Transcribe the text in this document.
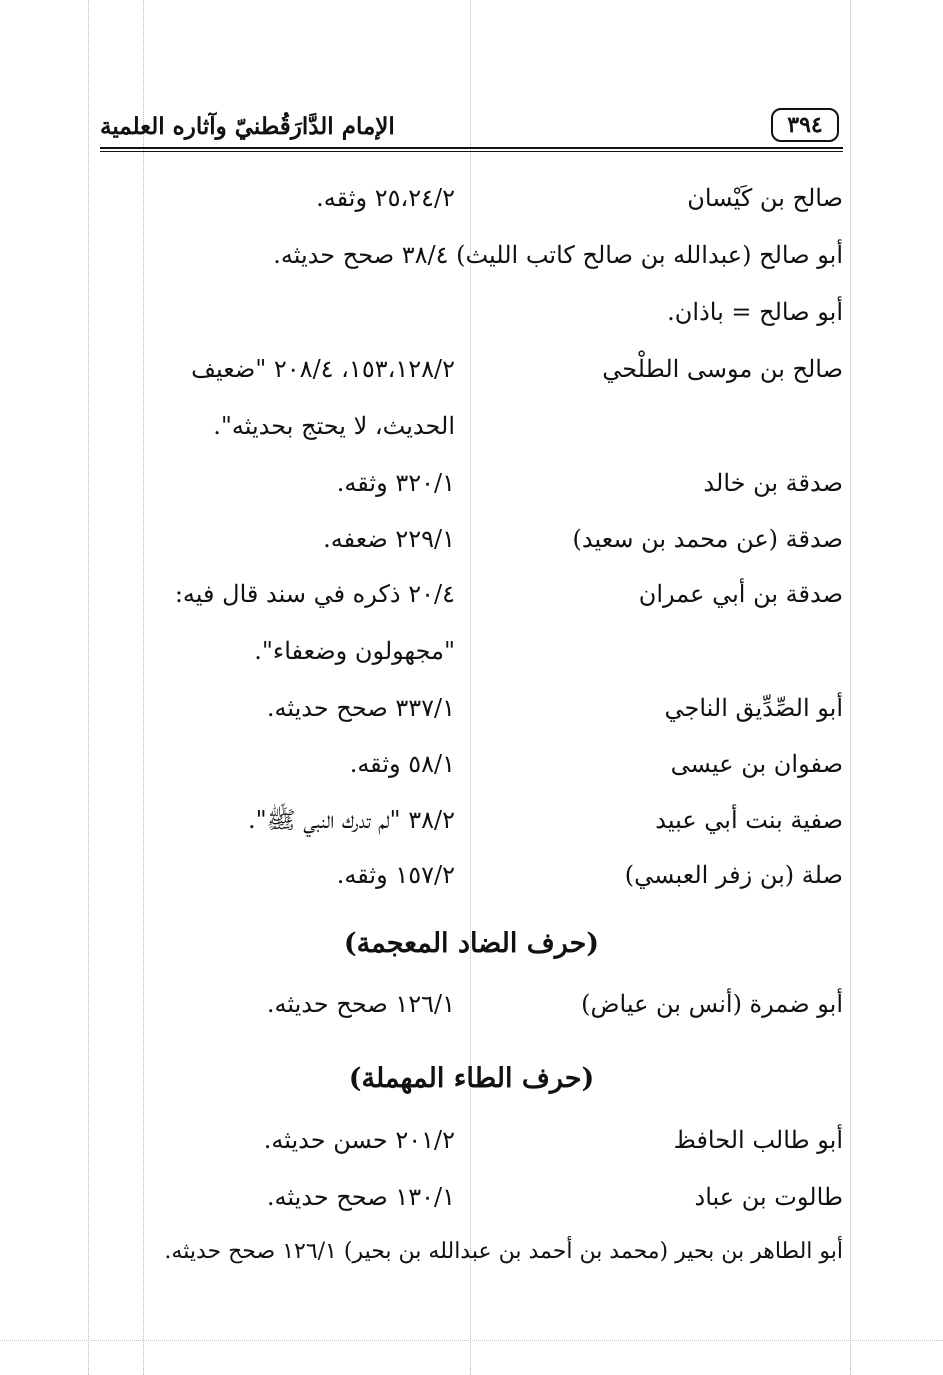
٣٩٤
الإمام الدَّارَقُطنيّ وآثاره العلمية
صالح بن كَيْسان
٢٥،٢٤/٢ وثقه.
أبو صالح (عبدالله بن صالح كاتب الليث) ٣٨/٤ صحح حديثه.
أبو صالح = باذان.
صالح بن موسى الطلْحي
١٥٣،١٢٨/٢، ٢٠٨/٤ "ضعيف
الحديث، لا يحتج بحديثه".
صدقة بن خالد
٣٢٠/١ وثقه.
صدقة (عن محمد بن سعيد)
٢٢٩/١ ضعفه.
صدقة بن أبي عمران
٢٠/٤ ذكره في سند قال فيه:
"مجهولون وضعفاء".
أبو الصِّدِّيق الناجي
٣٣٧/١ صحح حديثه.
صفوان بن عيسى
٥٨/١ وثقه.
صفية بنت أبي عبيد
٣٨/٢ "لم تدرك النبي ﷺ".
صلة (بن زفر العبسي)
١٥٧/٢ وثقه.
(حرف الضاد المعجمة)
أبو ضمرة (أنس بن عياض)
١٢٦/١ صحح حديثه.
(حرف الطاء المهملة)
أبو طالب الحافظ
٢٠١/٢ حسن حديثه.
طالوت بن عباد
١٣٠/١ صحح حديثه.
أبو الطاهر بن بحير (محمد بن أحمد بن عبدالله بن بحير) ١٢٦/١ صحح حديثه.
